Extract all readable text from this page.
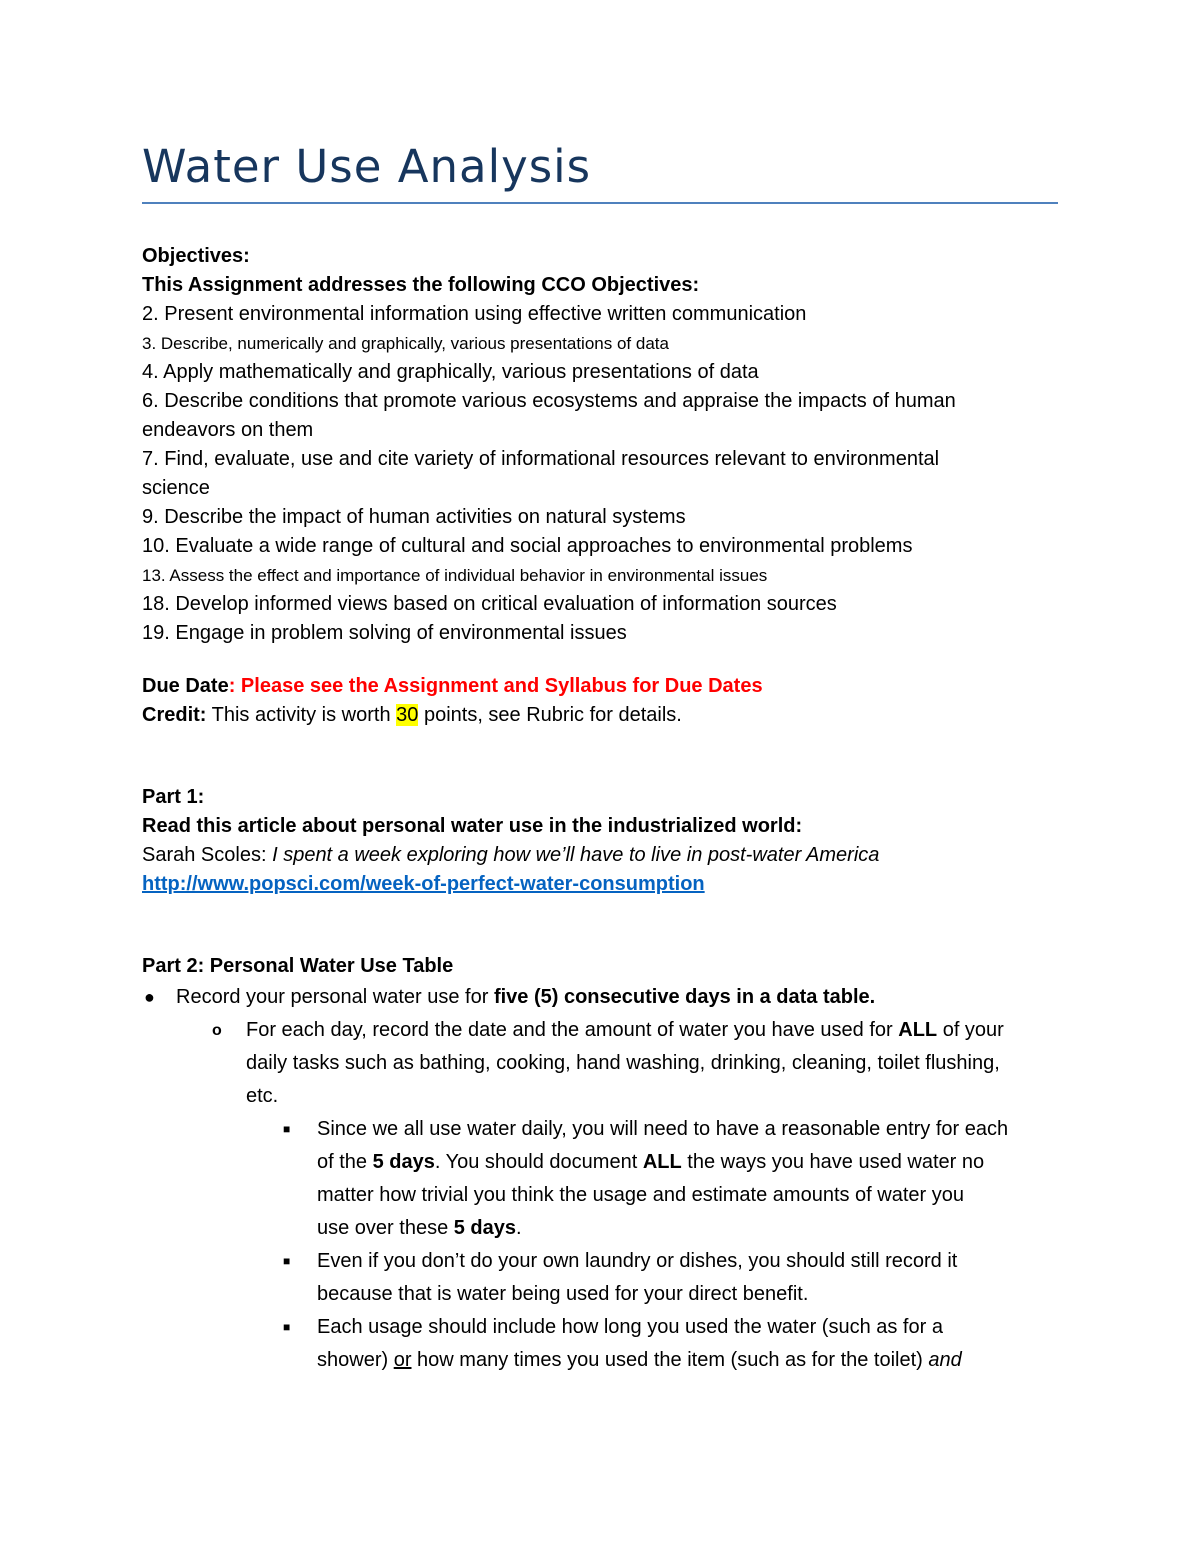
Water Use Analysis
Objectives:
This Assignment addresses the following CCO Objectives:
2. Present environmental information using effective written communication
3. Describe, numerically and graphically, various presentations of data
4. Apply mathematically and graphically, various presentations of data
6. Describe conditions that promote various ecosystems and appraise the impacts of human
endeavors on them
7. Find, evaluate, use and cite variety of informational resources relevant to environmental
science
9. Describe the impact of human activities on natural systems
10. Evaluate a wide range of cultural and social approaches to environmental problems
13. Assess the effect and importance of individual behavior in environmental issues
18. Develop informed views based on critical evaluation of information sources
19. Engage in problem solving of environmental issues
Due Date: Please see the Assignment and Syllabus for Due Dates
Credit: This activity is worth 30 points, see Rubric for details.
Part 1:
Read this article about personal water use in the industrialized world:
Sarah Scoles: I spent a week exploring how we’ll have to live in post-water America
http://www.popsci.com/week-of-perfect-water-consumption
Part 2: Personal Water Use Table
● Record your personal water use for five (5) consecutive days in a data table.
o For each day, record the date and the amount of water you have used for ALL of your
daily tasks such as bathing, cooking, hand washing, drinking, cleaning, toilet flushing,
etc.
■ Since we all use water daily, you will need to have a reasonable entry for each
of the 5 days. You should document ALL the ways you have used water no
matter how trivial you think the usage and estimate amounts of water you
use over these 5 days.
■ Even if you don’t do your own laundry or dishes, you should still record it
because that is water being used for your direct benefit.
■ Each usage should include how long you used the water (such as for a
shower) or how many times you used the item (such as for the toilet) and
